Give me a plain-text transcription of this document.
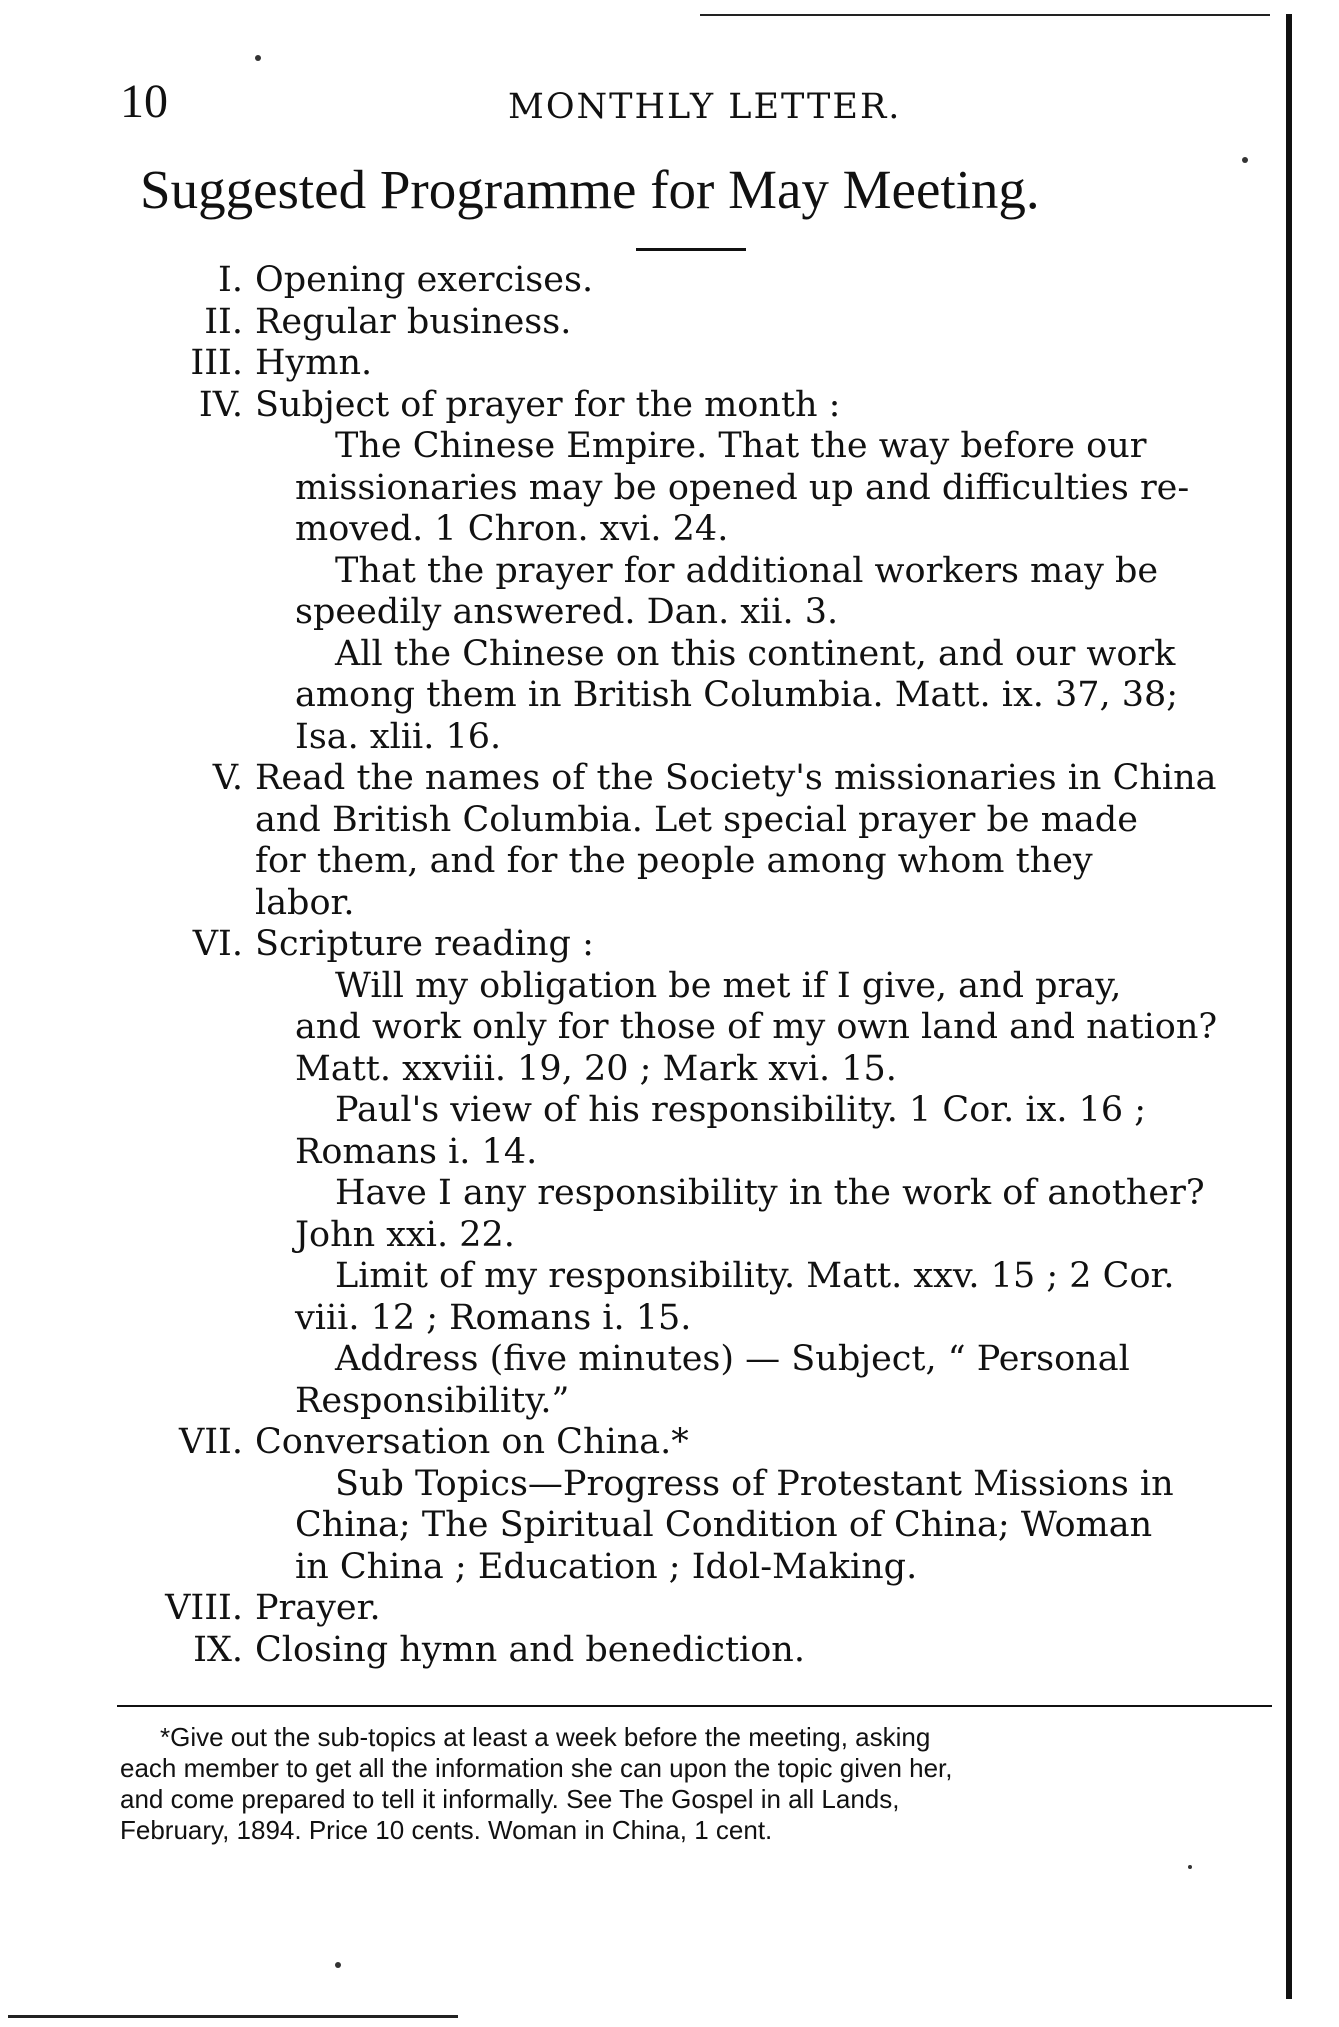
10	MONTHLY LETTER.
Suggested Programme for May Meeting.
I. Opening exercises.
II. Regular business.
III. Hymn.
IV. Subject of prayer for the month :
The Chinese Empire. That the way before our
missionaries may be opened up and difficulties re-
moved. 1 Chron. xvi. 24.
That the prayer for additional workers may be
speedily answered. Dan. xii. 3.
All the Chinese on this continent, and our work
among them in British Columbia. Matt. ix. 37, 38;
Isa. xlii. 16.
V. Read the names of the Society's missionaries in China
and British Columbia. Let special prayer be made
for them, and for the people among whom they
labor.
VI. Scripture reading :
Will my obligation be met if I give, and pray,
and work only for those of my own land and nation?
Matt. xxviii. 19, 20 ; Mark xvi. 15.
Paul's view of his responsibility. 1 Cor. ix. 16 ;
Romans i. 14.
Have I any responsibility in the work of another?
John xxi. 22.
Limit of my responsibility. Matt. xxv. 15 ; 2 Cor.
viii. 12 ; Romans i. 15.
Address (five minutes) — Subject, “ Personal
Responsibility.”
VII. Conversation on China.*
Sub Topics—Progress of Protestant Missions in
China; The Spiritual Condition of China; Woman
in China ; Education ; Idol-Making.
VIII. Prayer.
IX. Closing hymn and benediction.
*Give out the sub-topics at least a week before the meeting, asking
each member to get all the information she can upon the topic given her,
and come prepared to tell it informally. See The Gospel in all Lands,
February, 1894. Price 10 cents. Woman in China, 1 cent.
